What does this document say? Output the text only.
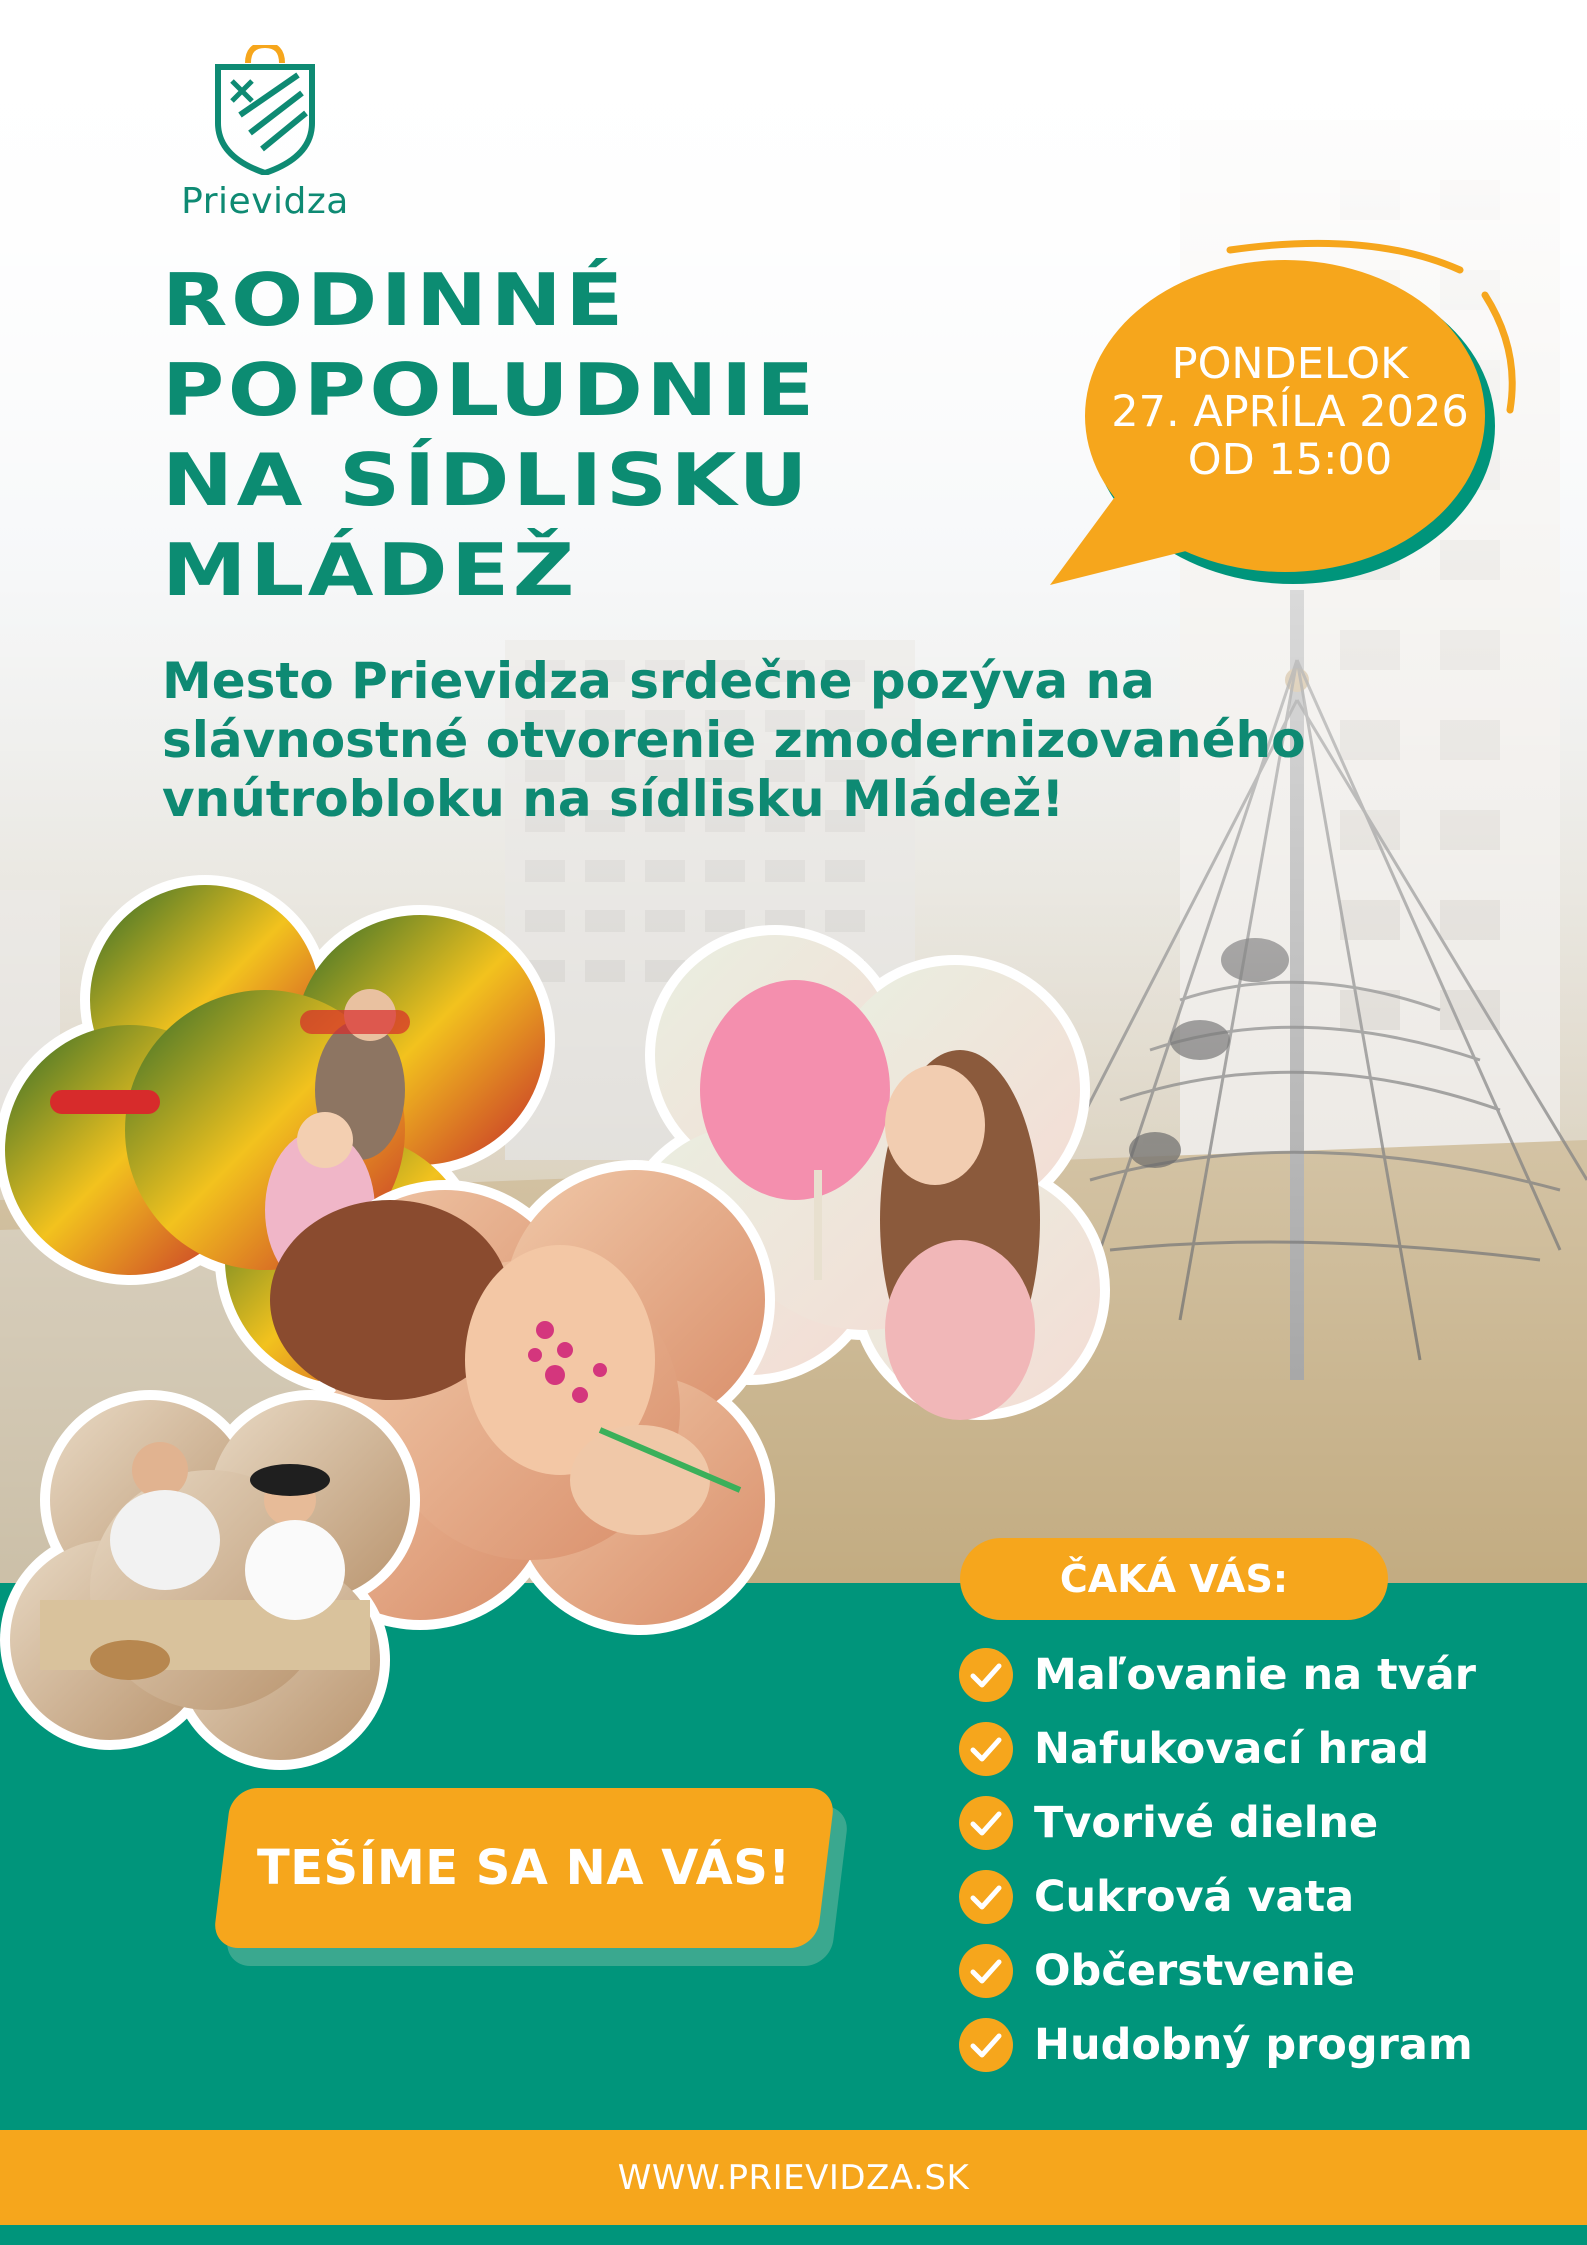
Prievidza
RODINNÉ
POPOLUDNIE
NA SÍDLISKU
MLÁDEŽ
PONDELOK
27. APRÍLA 2026
OD 15:00

Mesto Prievidza srdečne pozýva na
slávnostné otvorenie zmodernizovaného
vnútrobloku na sídlisku Mládež!

TEŠÍME SA NA VÁS!
ČAKÁ VÁS:
Maľovanie na tvár
Nafukovací hrad
Tvorivé dielne
Cukrová vata
Občerstvenie
Hudobný program
WWW.PRIEVIDZA.SK
